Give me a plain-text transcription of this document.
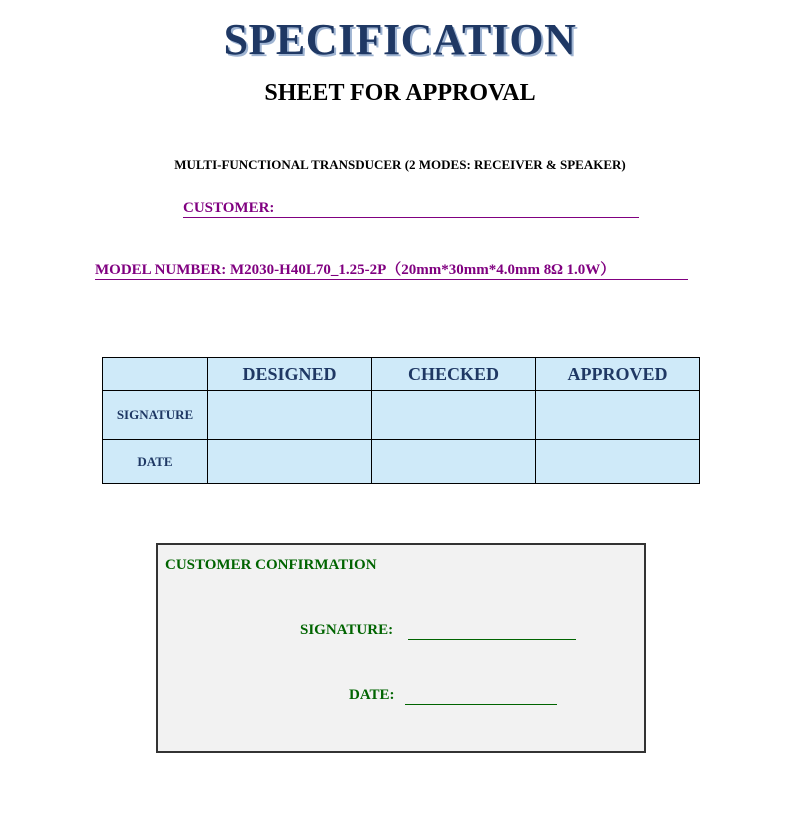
SPECIFICATION
SHEET FOR APPROVAL
MULTI-FUNCTIONAL TRANSDUCER (2 MODES: RECEIVER & SPEAKER)
CUSTOMER:
MODEL NUMBER: M2030-H40L70_1.25-2P（20mm*30mm*4.0mm 8Ω 1.0W）
	DESIGNED	CHECKED	APPROVED
SIGNATURE			
DATE			
CUSTOMER CONFIRMATION
SIGNATURE:
DATE:
